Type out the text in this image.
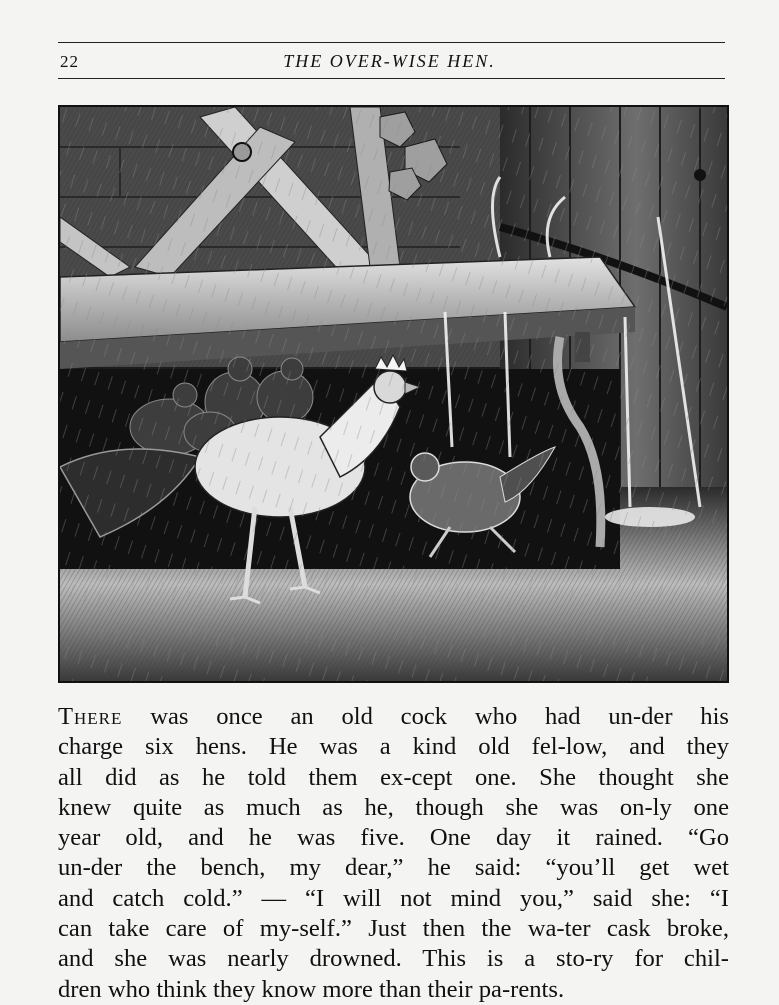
22	THE OVER-WISE HEN.
There was once an old cock who had un-der his
charge six hens. He was a kind old fel-low, and they
all did as he told them ex-cept one. She thought she
knew quite as much as he, though she was on-ly one
year old, and he was five. One day it rained. “Go
un-der the bench, my dear,” he said: “you’ll get wet
and catch cold.” — “I will not mind you,” said she: “I
can take care of my-self.” Just then the wa-ter cask broke,
and she was nearly drowned. This is a sto-ry for chil-
dren who think they know more than their pa-rents.
